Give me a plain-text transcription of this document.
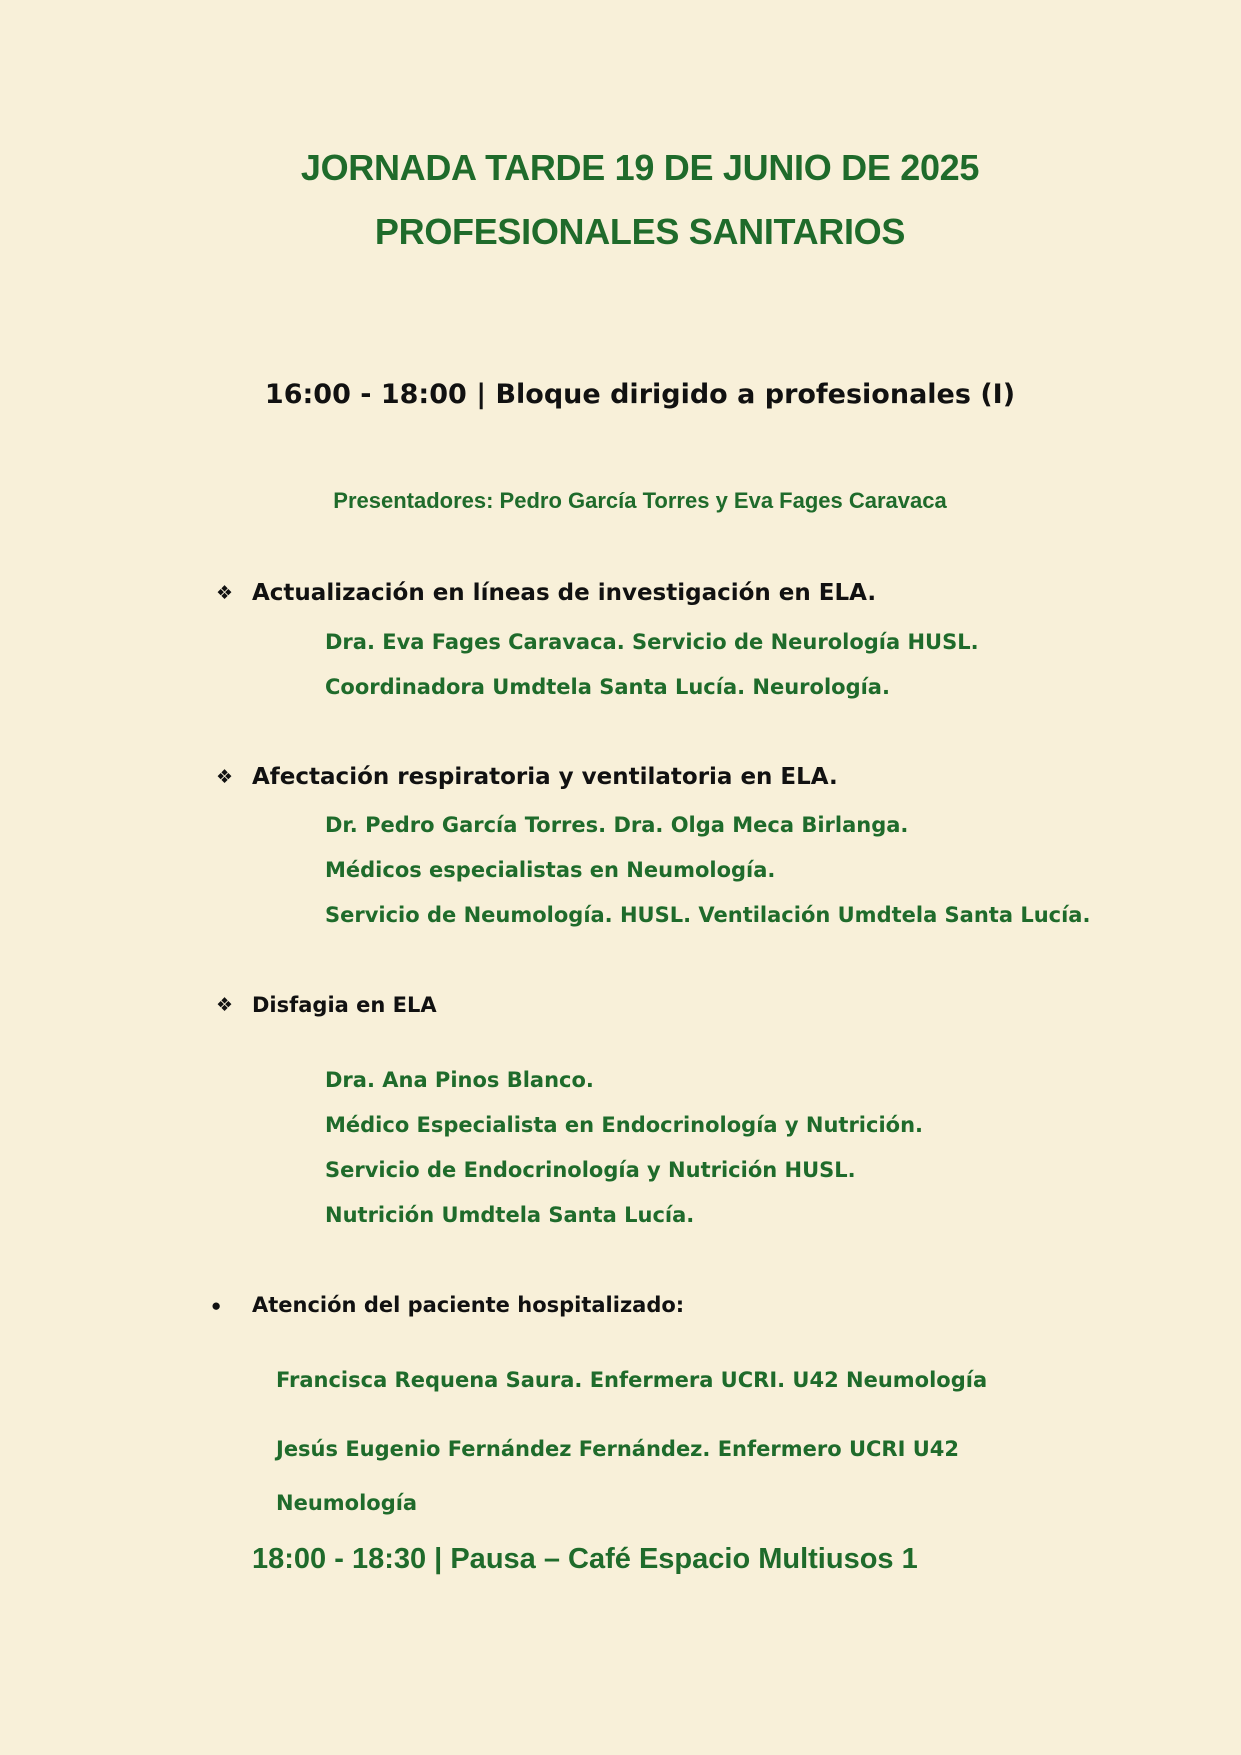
JORNADA TARDE 19 DE JUNIO DE 2025
PROFESIONALES SANITARIOS
16:00 - 18:00 | Bloque dirigido a profesionales (I)
Presentadores: Pedro García Torres y Eva Fages Caravaca
❖ Actualización en líneas de investigación en ELA.
Dra. Eva Fages Caravaca. Servicio de Neurología HUSL.
Coordinadora Umdtela Santa Lucía. Neurología.
❖ Afectación respiratoria y ventilatoria en ELA.
Dr. Pedro García Torres. Dra. Olga Meca Birlanga.
Médicos especialistas en Neumología.
Servicio de Neumología. HUSL. Ventilación Umdtela Santa Lucía.
❖ Disfagia en ELA
Dra. Ana Pinos Blanco.
Médico Especialista en Endocrinología y Nutrición.
Servicio de Endocrinología y Nutrición HUSL.
Nutrición Umdtela Santa Lucía.
●	Atención del paciente hospitalizado:
Francisca Requena Saura. Enfermera UCRI. U42 Neumología
Jesús Eugenio Fernández Fernández. Enfermero UCRI U42
Neumología
18:00 - 18:30 | Pausa – Café Espacio Multiusos 1
